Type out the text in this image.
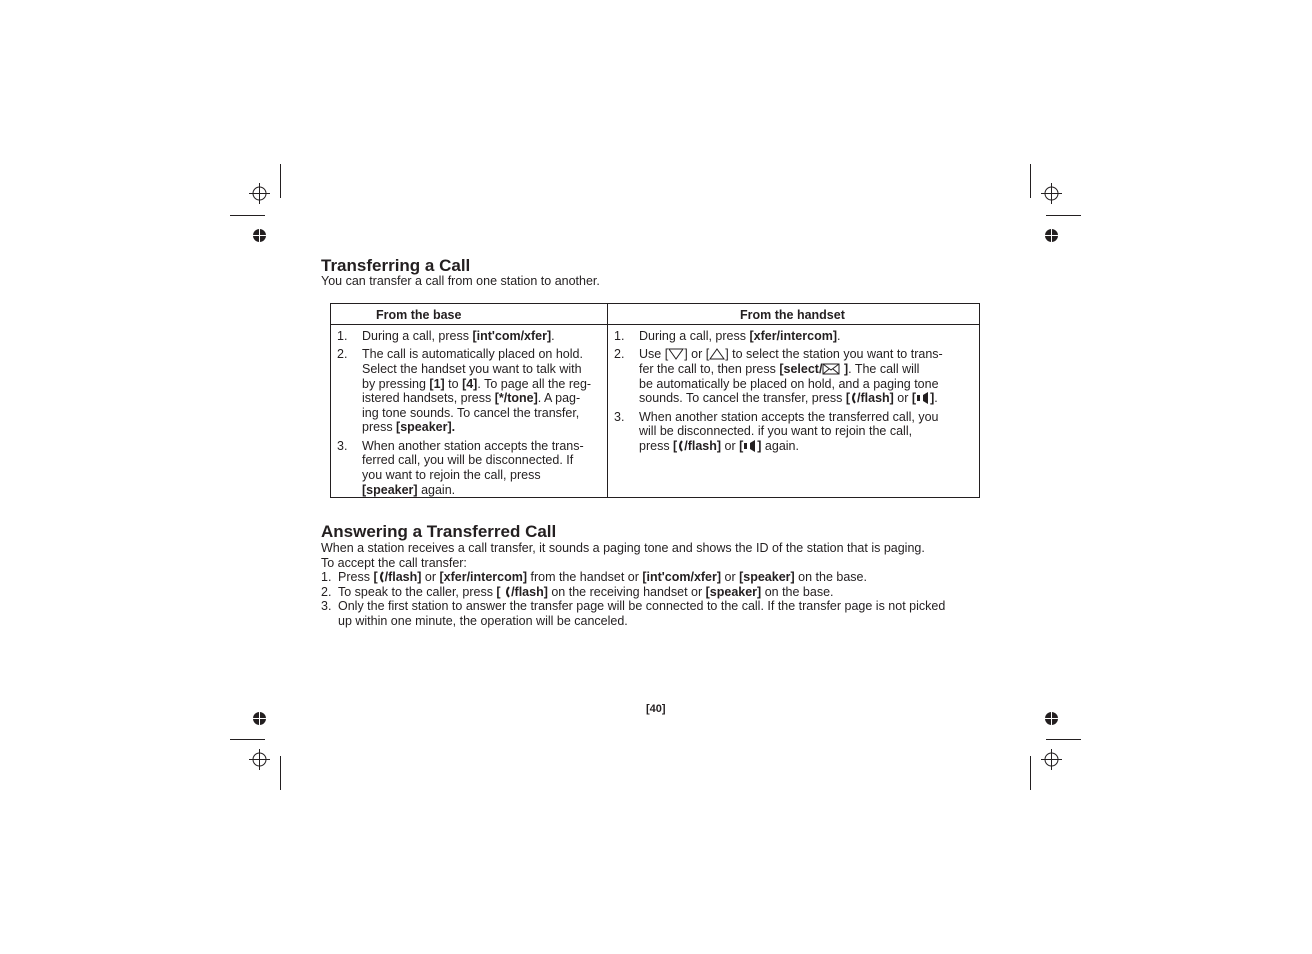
Transferring a Call
You can transfer a call from one station to another.
From the base	From the handset
1. During a call, press [int'com/xfer].
2. The call is automatically placed on hold.
Select the handset you want to talk with
by pressing [1] to [4]. To page all the reg-
istered handsets, press [*/tone]. A pag-
ing tone sounds. To cancel the transfer,
press [speaker].
3. When another station accepts the trans-
ferred call, you will be disconnected. If
you want to rejoin the call, press
[speaker] again.
1. During a call, press [xfer/intercom].
2. Use [ ] or [ ] to select the station you want to trans-
fer the call to, then press [select/ ]. The call will
be automatically be placed on hold, and a paging tone
sounds. To cancel the transfer, press [ /flash] or [ ].
3. When another station accepts the transferred call, you
will be disconnected. if you want to rejoin the call,
press [ /flash] or [ ] again.
Answering a Transferred Call
When a station receives a call transfer, it sounds a paging tone and shows the ID of the station that is paging.
To accept the call transfer:
1. Press [ /flash] or [xfer/intercom] from the handset or [int'com/xfer] or [speaker] on the base.
2. To speak to the caller, press [ /flash] on the receiving handset or [speaker] on the base.
3. Only the first station to answer the transfer page will be connected to the call. If the transfer page is not picked
up within one minute, the operation will be canceled.
[40]
